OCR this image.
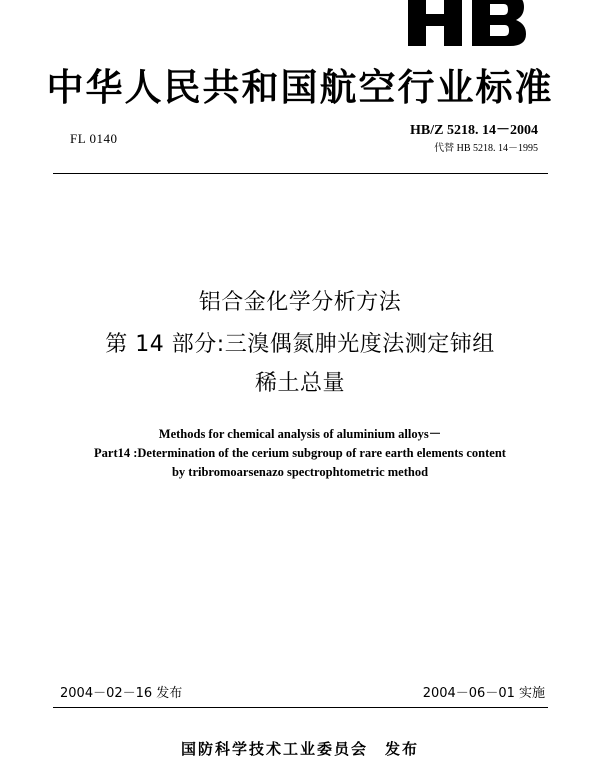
中华人民共和国航空行业标准
FL 0140
HB/Z 5218. 14－2004
代替 HB 5218. 14－1995
铝合金化学分析方法
第 14 部分:三溴偶氮胂光度法测定铈组
稀土总量
Methods for chemical analysis of aluminium alloys－
Part14 :Determination of the cerium subgroup of rare earth elements content
by tribromoarsenazo spectrophtometric method
2004－02－16 发布	2004－06－01 实施
国防科学技术工业委员会　发布
